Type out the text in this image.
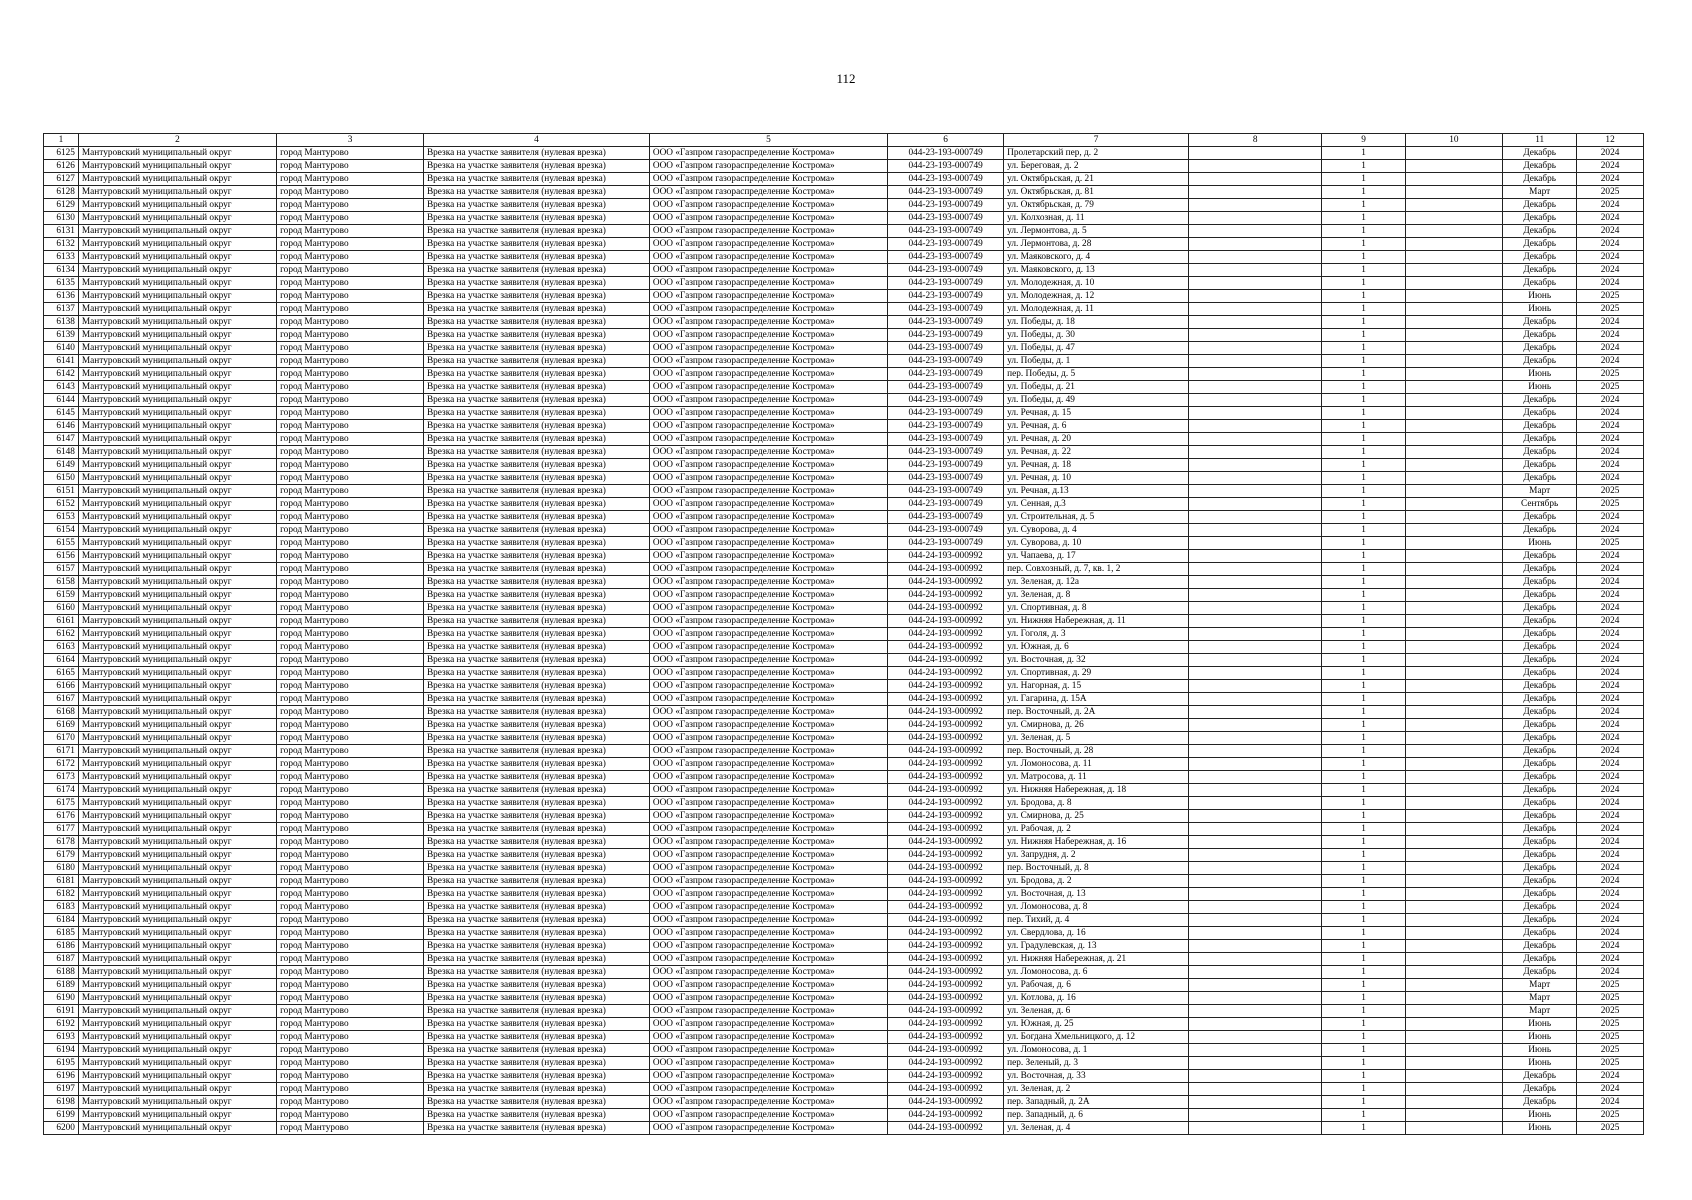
112
1	2	3	4	5	6	7	8	9	10	11	12
6125	Мантуровский муниципальный округ	город Мантурово	Врезка на участке заявителя (нулевая врезка)	ООО «Газпром газораспределение Кострома»	044-23-193-000749	Пролетарский пер, д. 2		1		Декабрь	2024
6126	Мантуровский муниципальный округ	город Мантурово	Врезка на участке заявителя (нулевая врезка)	ООО «Газпром газораспределение Кострома»	044-23-193-000749	ул. Береговая, д. 2		1		Декабрь	2024
6127	Мантуровский муниципальный округ	город Мантурово	Врезка на участке заявителя (нулевая врезка)	ООО «Газпром газораспределение Кострома»	044-23-193-000749	ул. Октябрьская, д. 21		1		Декабрь	2024
6128	Мантуровский муниципальный округ	город Мантурово	Врезка на участке заявителя (нулевая врезка)	ООО «Газпром газораспределение Кострома»	044-23-193-000749	ул. Октябрьская, д. 81		1		Март	2025
6129	Мантуровский муниципальный округ	город Мантурово	Врезка на участке заявителя (нулевая врезка)	ООО «Газпром газораспределение Кострома»	044-23-193-000749	ул. Октябрьская, д. 79		1		Декабрь	2024
6130	Мантуровский муниципальный округ	город Мантурово	Врезка на участке заявителя (нулевая врезка)	ООО «Газпром газораспределение Кострома»	044-23-193-000749	ул. Колхозная, д. 11		1		Декабрь	2024
6131	Мантуровский муниципальный округ	город Мантурово	Врезка на участке заявителя (нулевая врезка)	ООО «Газпром газораспределение Кострома»	044-23-193-000749	ул. Лермонтова, д. 5		1		Декабрь	2024
6132	Мантуровский муниципальный округ	город Мантурово	Врезка на участке заявителя (нулевая врезка)	ООО «Газпром газораспределение Кострома»	044-23-193-000749	ул. Лермонтова, д. 28		1		Декабрь	2024
6133	Мантуровский муниципальный округ	город Мантурово	Врезка на участке заявителя (нулевая врезка)	ООО «Газпром газораспределение Кострома»	044-23-193-000749	ул. Маяковского, д. 4		1		Декабрь	2024
6134	Мантуровский муниципальный округ	город Мантурово	Врезка на участке заявителя (нулевая врезка)	ООО «Газпром газораспределение Кострома»	044-23-193-000749	ул. Маяковского, д. 13		1		Декабрь	2024
6135	Мантуровский муниципальный округ	город Мантурово	Врезка на участке заявителя (нулевая врезка)	ООО «Газпром газораспределение Кострома»	044-23-193-000749	ул. Молодежная, д. 10		1		Декабрь	2024
6136	Мантуровский муниципальный округ	город Мантурово	Врезка на участке заявителя (нулевая врезка)	ООО «Газпром газораспределение Кострома»	044-23-193-000749	ул. Молодежная, д. 12		1		Июнь	2025
6137	Мантуровский муниципальный округ	город Мантурово	Врезка на участке заявителя (нулевая врезка)	ООО «Газпром газораспределение Кострома»	044-23-193-000749	ул. Молодежная, д. 11		1		Июнь	2025
6138	Мантуровский муниципальный округ	город Мантурово	Врезка на участке заявителя (нулевая врезка)	ООО «Газпром газораспределение Кострома»	044-23-193-000749	ул. Победы, д. 18		1		Декабрь	2024
6139	Мантуровский муниципальный округ	город Мантурово	Врезка на участке заявителя (нулевая врезка)	ООО «Газпром газораспределение Кострома»	044-23-193-000749	ул. Победы, д. 30		1		Декабрь	2024
6140	Мантуровский муниципальный округ	город Мантурово	Врезка на участке заявителя (нулевая врезка)	ООО «Газпром газораспределение Кострома»	044-23-193-000749	ул. Победы, д. 47		1		Декабрь	2024
6141	Мантуровский муниципальный округ	город Мантурово	Врезка на участке заявителя (нулевая врезка)	ООО «Газпром газораспределение Кострома»	044-23-193-000749	ул. Победы, д. 1		1		Декабрь	2024
6142	Мантуровский муниципальный округ	город Мантурово	Врезка на участке заявителя (нулевая врезка)	ООО «Газпром газораспределение Кострома»	044-23-193-000749	пер. Победы, д. 5		1		Июнь	2025
6143	Мантуровский муниципальный округ	город Мантурово	Врезка на участке заявителя (нулевая врезка)	ООО «Газпром газораспределение Кострома»	044-23-193-000749	ул. Победы, д. 21		1		Июнь	2025
6144	Мантуровский муниципальный округ	город Мантурово	Врезка на участке заявителя (нулевая врезка)	ООО «Газпром газораспределение Кострома»	044-23-193-000749	ул. Победы, д. 49		1		Декабрь	2024
6145	Мантуровский муниципальный округ	город Мантурово	Врезка на участке заявителя (нулевая врезка)	ООО «Газпром газораспределение Кострома»	044-23-193-000749	ул. Речная, д. 15		1		Декабрь	2024
6146	Мантуровский муниципальный округ	город Мантурово	Врезка на участке заявителя (нулевая врезка)	ООО «Газпром газораспределение Кострома»	044-23-193-000749	ул. Речная, д. 6		1		Декабрь	2024
6147	Мантуровский муниципальный округ	город Мантурово	Врезка на участке заявителя (нулевая врезка)	ООО «Газпром газораспределение Кострома»	044-23-193-000749	ул. Речная, д. 20		1		Декабрь	2024
6148	Мантуровский муниципальный округ	город Мантурово	Врезка на участке заявителя (нулевая врезка)	ООО «Газпром газораспределение Кострома»	044-23-193-000749	ул. Речная, д. 22		1		Декабрь	2024
6149	Мантуровский муниципальный округ	город Мантурово	Врезка на участке заявителя (нулевая врезка)	ООО «Газпром газораспределение Кострома»	044-23-193-000749	ул. Речная, д. 18		1		Декабрь	2024
6150	Мантуровский муниципальный округ	город Мантурово	Врезка на участке заявителя (нулевая врезка)	ООО «Газпром газораспределение Кострома»	044-23-193-000749	ул. Речная, д. 10		1		Декабрь	2024
6151	Мантуровский муниципальный округ	город Мантурово	Врезка на участке заявителя (нулевая врезка)	ООО «Газпром газораспределение Кострома»	044-23-193-000749	ул. Речная, д.13		1		Март	2025
6152	Мантуровский муниципальный округ	город Мантурово	Врезка на участке заявителя (нулевая врезка)	ООО «Газпром газораспределение Кострома»	044-23-193-000749	ул. Сенная, д.3		1		Сентябрь	2025
6153	Мантуровский муниципальный округ	город Мантурово	Врезка на участке заявителя (нулевая врезка)	ООО «Газпром газораспределение Кострома»	044-23-193-000749	ул. Строительная, д. 5		1		Декабрь	2024
6154	Мантуровский муниципальный округ	город Мантурово	Врезка на участке заявителя (нулевая врезка)	ООО «Газпром газораспределение Кострома»	044-23-193-000749	ул. Суворова, д. 4		1		Декабрь	2024
6155	Мантуровский муниципальный округ	город Мантурово	Врезка на участке заявителя (нулевая врезка)	ООО «Газпром газораспределение Кострома»	044-23-193-000749	ул. Суворова, д. 10		1		Июнь	2025
6156	Мантуровский муниципальный округ	город Мантурово	Врезка на участке заявителя (нулевая врезка)	ООО «Газпром газораспределение Кострома»	044-24-193-000992	ул. Чапаева, д. 17		1		Декабрь	2024
6157	Мантуровский муниципальный округ	город Мантурово	Врезка на участке заявителя (нулевая врезка)	ООО «Газпром газораспределение Кострома»	044-24-193-000992	пер. Совхозный, д. 7, кв. 1, 2		1		Декабрь	2024
6158	Мантуровский муниципальный округ	город Мантурово	Врезка на участке заявителя (нулевая врезка)	ООО «Газпром газораспределение Кострома»	044-24-193-000992	ул. Зеленая, д. 12а		1		Декабрь	2024
6159	Мантуровский муниципальный округ	город Мантурово	Врезка на участке заявителя (нулевая врезка)	ООО «Газпром газораспределение Кострома»	044-24-193-000992	ул. Зеленая, д. 8		1		Декабрь	2024
6160	Мантуровский муниципальный округ	город Мантурово	Врезка на участке заявителя (нулевая врезка)	ООО «Газпром газораспределение Кострома»	044-24-193-000992	ул. Спортивная, д. 8		1		Декабрь	2024
6161	Мантуровский муниципальный округ	город Мантурово	Врезка на участке заявителя (нулевая врезка)	ООО «Газпром газораспределение Кострома»	044-24-193-000992	ул. Нижняя Набережная, д. 11		1		Декабрь	2024
6162	Мантуровский муниципальный округ	город Мантурово	Врезка на участке заявителя (нулевая врезка)	ООО «Газпром газораспределение Кострома»	044-24-193-000992	ул. Гоголя, д. 3		1		Декабрь	2024
6163	Мантуровский муниципальный округ	город Мантурово	Врезка на участке заявителя (нулевая врезка)	ООО «Газпром газораспределение Кострома»	044-24-193-000992	ул. Южная, д. 6		1		Декабрь	2024
6164	Мантуровский муниципальный округ	город Мантурово	Врезка на участке заявителя (нулевая врезка)	ООО «Газпром газораспределение Кострома»	044-24-193-000992	ул. Восточная, д. 32		1		Декабрь	2024
6165	Мантуровский муниципальный округ	город Мантурово	Врезка на участке заявителя (нулевая врезка)	ООО «Газпром газораспределение Кострома»	044-24-193-000992	ул. Спортивная, д. 29		1		Декабрь	2024
6166	Мантуровский муниципальный округ	город Мантурово	Врезка на участке заявителя (нулевая врезка)	ООО «Газпром газораспределение Кострома»	044-24-193-000992	ул. Нагорная, д. 15		1		Декабрь	2024
6167	Мантуровский муниципальный округ	город Мантурово	Врезка на участке заявителя (нулевая врезка)	ООО «Газпром газораспределение Кострома»	044-24-193-000992	ул. Гагарина, д. 15А		1		Декабрь	2024
6168	Мантуровский муниципальный округ	город Мантурово	Врезка на участке заявителя (нулевая врезка)	ООО «Газпром газораспределение Кострома»	044-24-193-000992	пер. Восточный, д. 2А		1		Декабрь	2024
6169	Мантуровский муниципальный округ	город Мантурово	Врезка на участке заявителя (нулевая врезка)	ООО «Газпром газораспределение Кострома»	044-24-193-000992	ул. Смирнова, д. 26		1		Декабрь	2024
6170	Мантуровский муниципальный округ	город Мантурово	Врезка на участке заявителя (нулевая врезка)	ООО «Газпром газораспределение Кострома»	044-24-193-000992	ул. Зеленая, д. 5		1		Декабрь	2024
6171	Мантуровский муниципальный округ	город Мантурово	Врезка на участке заявителя (нулевая врезка)	ООО «Газпром газораспределение Кострома»	044-24-193-000992	пер. Восточный, д. 28		1		Декабрь	2024
6172	Мантуровский муниципальный округ	город Мантурово	Врезка на участке заявителя (нулевая врезка)	ООО «Газпром газораспределение Кострома»	044-24-193-000992	ул. Ломоносова, д. 11		1		Декабрь	2024
6173	Мантуровский муниципальный округ	город Мантурово	Врезка на участке заявителя (нулевая врезка)	ООО «Газпром газораспределение Кострома»	044-24-193-000992	ул. Матросова, д. 11		1		Декабрь	2024
6174	Мантуровский муниципальный округ	город Мантурово	Врезка на участке заявителя (нулевая врезка)	ООО «Газпром газораспределение Кострома»	044-24-193-000992	ул. Нижняя Набережная, д. 18		1		Декабрь	2024
6175	Мантуровский муниципальный округ	город Мантурово	Врезка на участке заявителя (нулевая врезка)	ООО «Газпром газораспределение Кострома»	044-24-193-000992	ул. Бродова, д. 8		1		Декабрь	2024
6176	Мантуровский муниципальный округ	город Мантурово	Врезка на участке заявителя (нулевая врезка)	ООО «Газпром газораспределение Кострома»	044-24-193-000992	ул. Смирнова, д. 25		1		Декабрь	2024
6177	Мантуровский муниципальный округ	город Мантурово	Врезка на участке заявителя (нулевая врезка)	ООО «Газпром газораспределение Кострома»	044-24-193-000992	ул. Рабочая, д. 2		1		Декабрь	2024
6178	Мантуровский муниципальный округ	город Мантурово	Врезка на участке заявителя (нулевая врезка)	ООО «Газпром газораспределение Кострома»	044-24-193-000992	ул. Нижняя Набережная, д. 16		1		Декабрь	2024
6179	Мантуровский муниципальный округ	город Мантурово	Врезка на участке заявителя (нулевая врезка)	ООО «Газпром газораспределение Кострома»	044-24-193-000992	ул. Запрудня, д. 2		1		Декабрь	2024
6180	Мантуровский муниципальный округ	город Мантурово	Врезка на участке заявителя (нулевая врезка)	ООО «Газпром газораспределение Кострома»	044-24-193-000992	пер. Восточный, д. 8		1		Декабрь	2024
6181	Мантуровский муниципальный округ	город Мантурово	Врезка на участке заявителя (нулевая врезка)	ООО «Газпром газораспределение Кострома»	044-24-193-000992	ул. Бродова, д. 2		1		Декабрь	2024
6182	Мантуровский муниципальный округ	город Мантурово	Врезка на участке заявителя (нулевая врезка)	ООО «Газпром газораспределение Кострома»	044-24-193-000992	ул. Восточная, д. 13		1		Декабрь	2024
6183	Мантуровский муниципальный округ	город Мантурово	Врезка на участке заявителя (нулевая врезка)	ООО «Газпром газораспределение Кострома»	044-24-193-000992	ул. Ломоносова, д. 8		1		Декабрь	2024
6184	Мантуровский муниципальный округ	город Мантурово	Врезка на участке заявителя (нулевая врезка)	ООО «Газпром газораспределение Кострома»	044-24-193-000992	пер. Тихий, д. 4		1		Декабрь	2024
6185	Мантуровский муниципальный округ	город Мантурово	Врезка на участке заявителя (нулевая врезка)	ООО «Газпром газораспределение Кострома»	044-24-193-000992	ул. Свердлова, д. 16		1		Декабрь	2024
6186	Мантуровский муниципальный округ	город Мантурово	Врезка на участке заявителя (нулевая врезка)	ООО «Газпром газораспределение Кострома»	044-24-193-000992	ул. Градулевская, д. 13		1		Декабрь	2024
6187	Мантуровский муниципальный округ	город Мантурово	Врезка на участке заявителя (нулевая врезка)	ООО «Газпром газораспределение Кострома»	044-24-193-000992	ул. Нижняя Набережная, д. 21		1		Декабрь	2024
6188	Мантуровский муниципальный округ	город Мантурово	Врезка на участке заявителя (нулевая врезка)	ООО «Газпром газораспределение Кострома»	044-24-193-000992	ул. Ломоносова, д. 6		1		Декабрь	2024
6189	Мантуровский муниципальный округ	город Мантурово	Врезка на участке заявителя (нулевая врезка)	ООО «Газпром газораспределение Кострома»	044-24-193-000992	ул. Рабочая, д. 6		1		Март	2025
6190	Мантуровский муниципальный округ	город Мантурово	Врезка на участке заявителя (нулевая врезка)	ООО «Газпром газораспределение Кострома»	044-24-193-000992	ул. Котлова, д. 16		1		Март	2025
6191	Мантуровский муниципальный округ	город Мантурово	Врезка на участке заявителя (нулевая врезка)	ООО «Газпром газораспределение Кострома»	044-24-193-000992	ул. Зеленая, д. 6		1		Март	2025
6192	Мантуровский муниципальный округ	город Мантурово	Врезка на участке заявителя (нулевая врезка)	ООО «Газпром газораспределение Кострома»	044-24-193-000992	ул. Южная, д. 25		1		Июнь	2025
6193	Мантуровский муниципальный округ	город Мантурово	Врезка на участке заявителя (нулевая врезка)	ООО «Газпром газораспределение Кострома»	044-24-193-000992	ул. Богдана Хмельницкого, д. 12		1		Июнь	2025
6194	Мантуровский муниципальный округ	город Мантурово	Врезка на участке заявителя (нулевая врезка)	ООО «Газпром газораспределение Кострома»	044-24-193-000992	ул. Ломоносова, д. 1		1		Июнь	2025
6195	Мантуровский муниципальный округ	город Мантурово	Врезка на участке заявителя (нулевая врезка)	ООО «Газпром газораспределение Кострома»	044-24-193-000992	пер. Зеленый, д. 3		1		Июнь	2025
6196	Мантуровский муниципальный округ	город Мантурово	Врезка на участке заявителя (нулевая врезка)	ООО «Газпром газораспределение Кострома»	044-24-193-000992	ул. Восточная, д. 33		1		Декабрь	2024
6197	Мантуровский муниципальный округ	город Мантурово	Врезка на участке заявителя (нулевая врезка)	ООО «Газпром газораспределение Кострома»	044-24-193-000992	ул. Зеленая, д. 2		1		Декабрь	2024
6198	Мантуровский муниципальный округ	город Мантурово	Врезка на участке заявителя (нулевая врезка)	ООО «Газпром газораспределение Кострома»	044-24-193-000992	пер. Западный, д. 2А		1		Декабрь	2024
6199	Мантуровский муниципальный округ	город Мантурово	Врезка на участке заявителя (нулевая врезка)	ООО «Газпром газораспределение Кострома»	044-24-193-000992	пер. Западный, д. 6		1		Июнь	2025
6200	Мантуровский муниципальный округ	город Мантурово	Врезка на участке заявителя (нулевая врезка)	ООО «Газпром газораспределение Кострома»	044-24-193-000992	ул. Зеленая, д. 4		1		Июнь	2025
